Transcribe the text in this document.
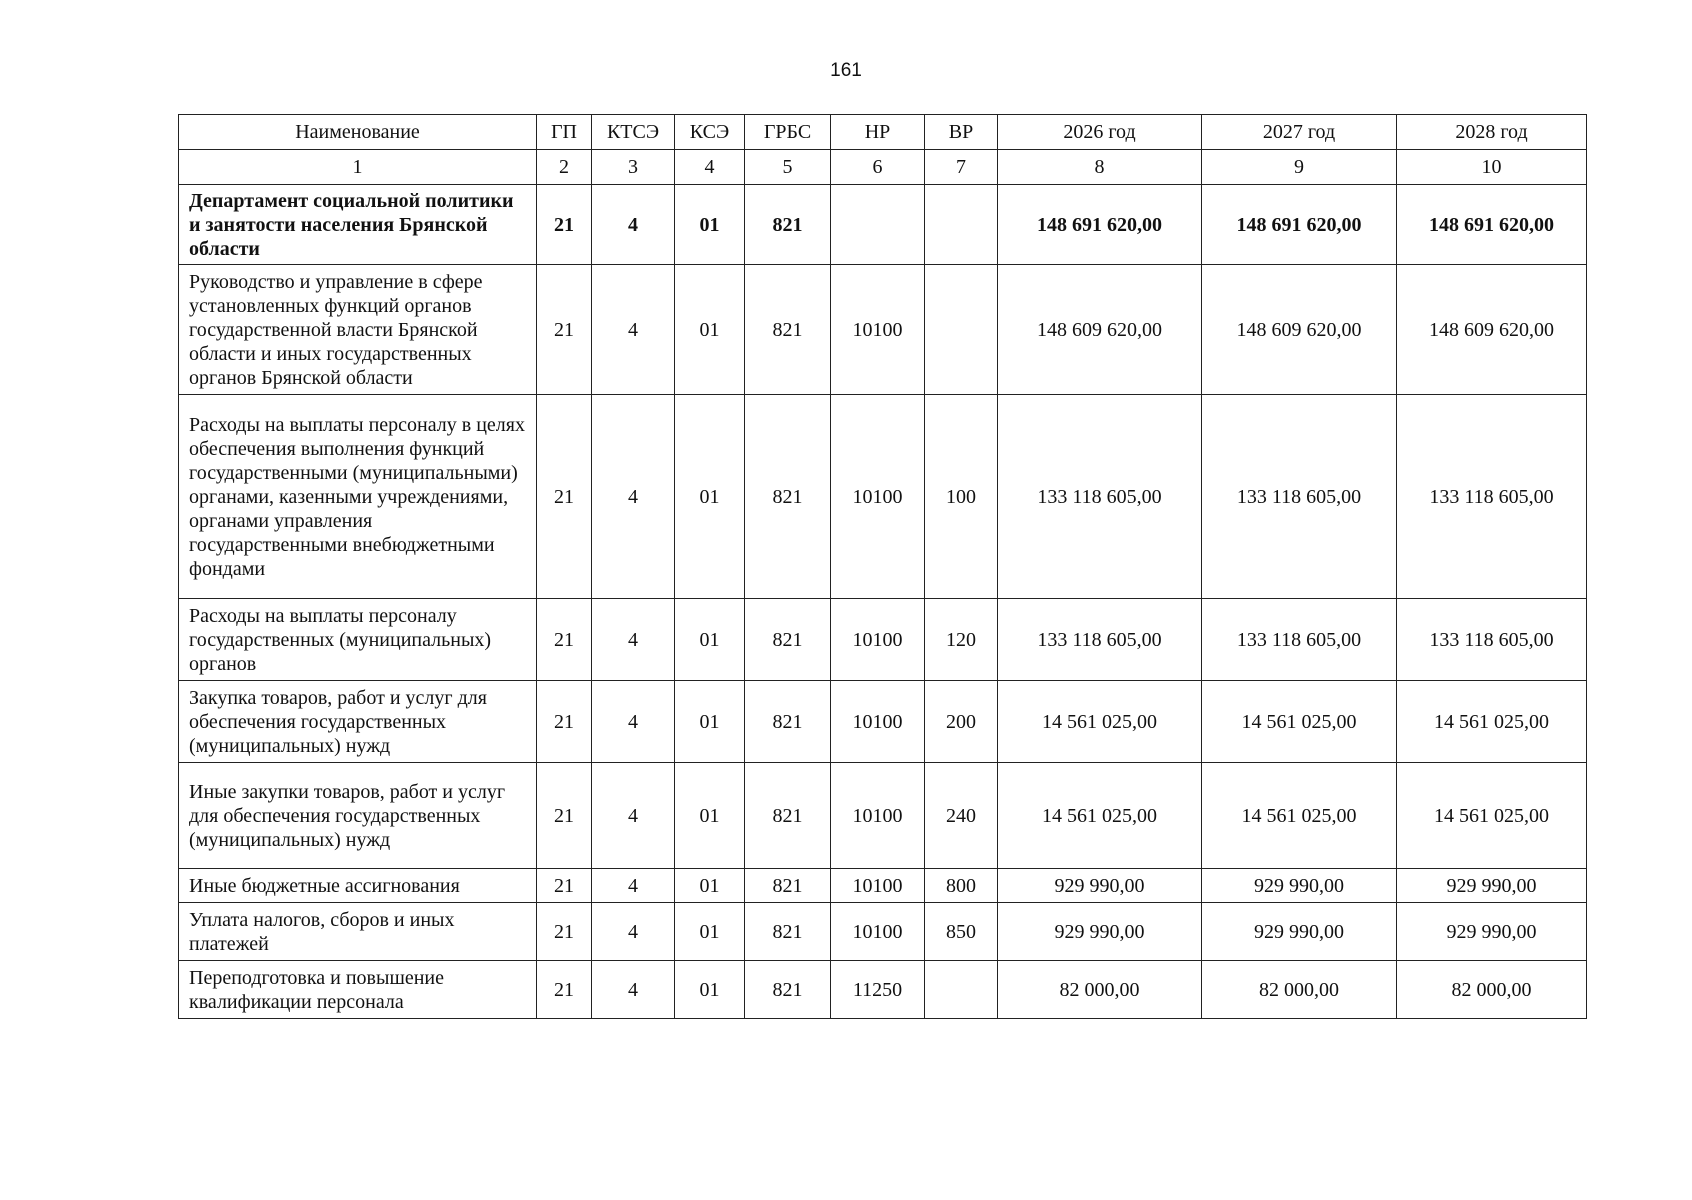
161
Наименование	ГП	КТСЭ	КСЭ	ГРБС	НР	ВР	2026 год	2027 год	2028 год
1	2	3	4	5	6	7	8	9	10
Департамент социальной политики и занятости населения Брянской области	21	4	01	821			148 691 620,00	148 691 620,00	148 691 620,00
Руководство и управление в сфере установленных функций органов государственной власти Брянской области и иных государственных органов Брянской области	21	4	01	821	10100		148 609 620,00	148 609 620,00	148 609 620,00
Расходы на выплаты персоналу в целях обеспечения выполнения функций государственными (муниципальными) органами, казенными учреждениями, органами управления государственными внебюджетными фондами	21	4	01	821	10100	100	133 118 605,00	133 118 605,00	133 118 605,00
Расходы на выплаты персоналу государственных (муниципальных) органов	21	4	01	821	10100	120	133 118 605,00	133 118 605,00	133 118 605,00
Закупка товаров, работ и услуг для обеспечения государственных (муниципальных) нужд	21	4	01	821	10100	200	14 561 025,00	14 561 025,00	14 561 025,00
Иные закупки товаров, работ и услуг для обеспечения государственных (муниципальных) нужд	21	4	01	821	10100	240	14 561 025,00	14 561 025,00	14 561 025,00
Иные бюджетные ассигнования	21	4	01	821	10100	800	929 990,00	929 990,00	929 990,00
Уплата налогов, сборов и иных платежей	21	4	01	821	10100	850	929 990,00	929 990,00	929 990,00
Переподготовка и повышение квалификации персонала	21	4	01	821	11250		82 000,00	82 000,00	82 000,00
